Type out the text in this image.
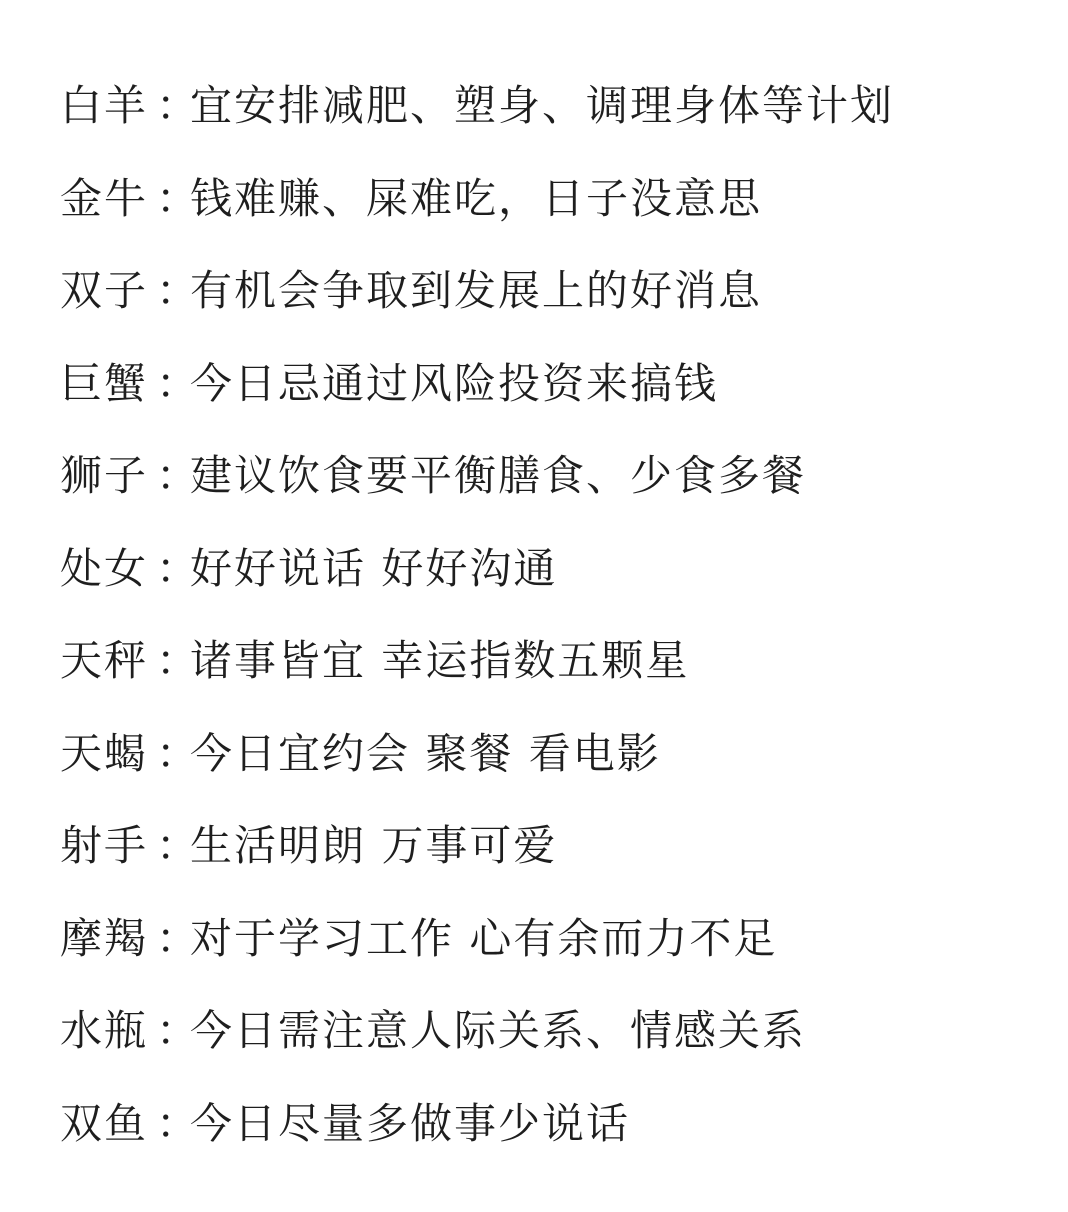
白羊 ：宜安排减肥、塑身、调理身体等计划
金牛 ：钱难赚、屎难吃，日子没意思
双子 ：有机会争取到发展上的好消息
巨蟹 ：今日忌通过风险投资来搞钱
狮子 ：建议饮食要平衡膳食、少食多餐
处女 ：好好说话 好好沟通
天秤 ：诸事皆宜 幸运指数五颗星
天蝎 ：今日宜约会 聚餐 看电影
射手 ：生活明朗 万事可爱
摩羯 ：对于学习工作 心有余而力不足
水瓶 ：今日需注意人际关系、情感关系
双鱼 ：今日尽量多做事少说话
